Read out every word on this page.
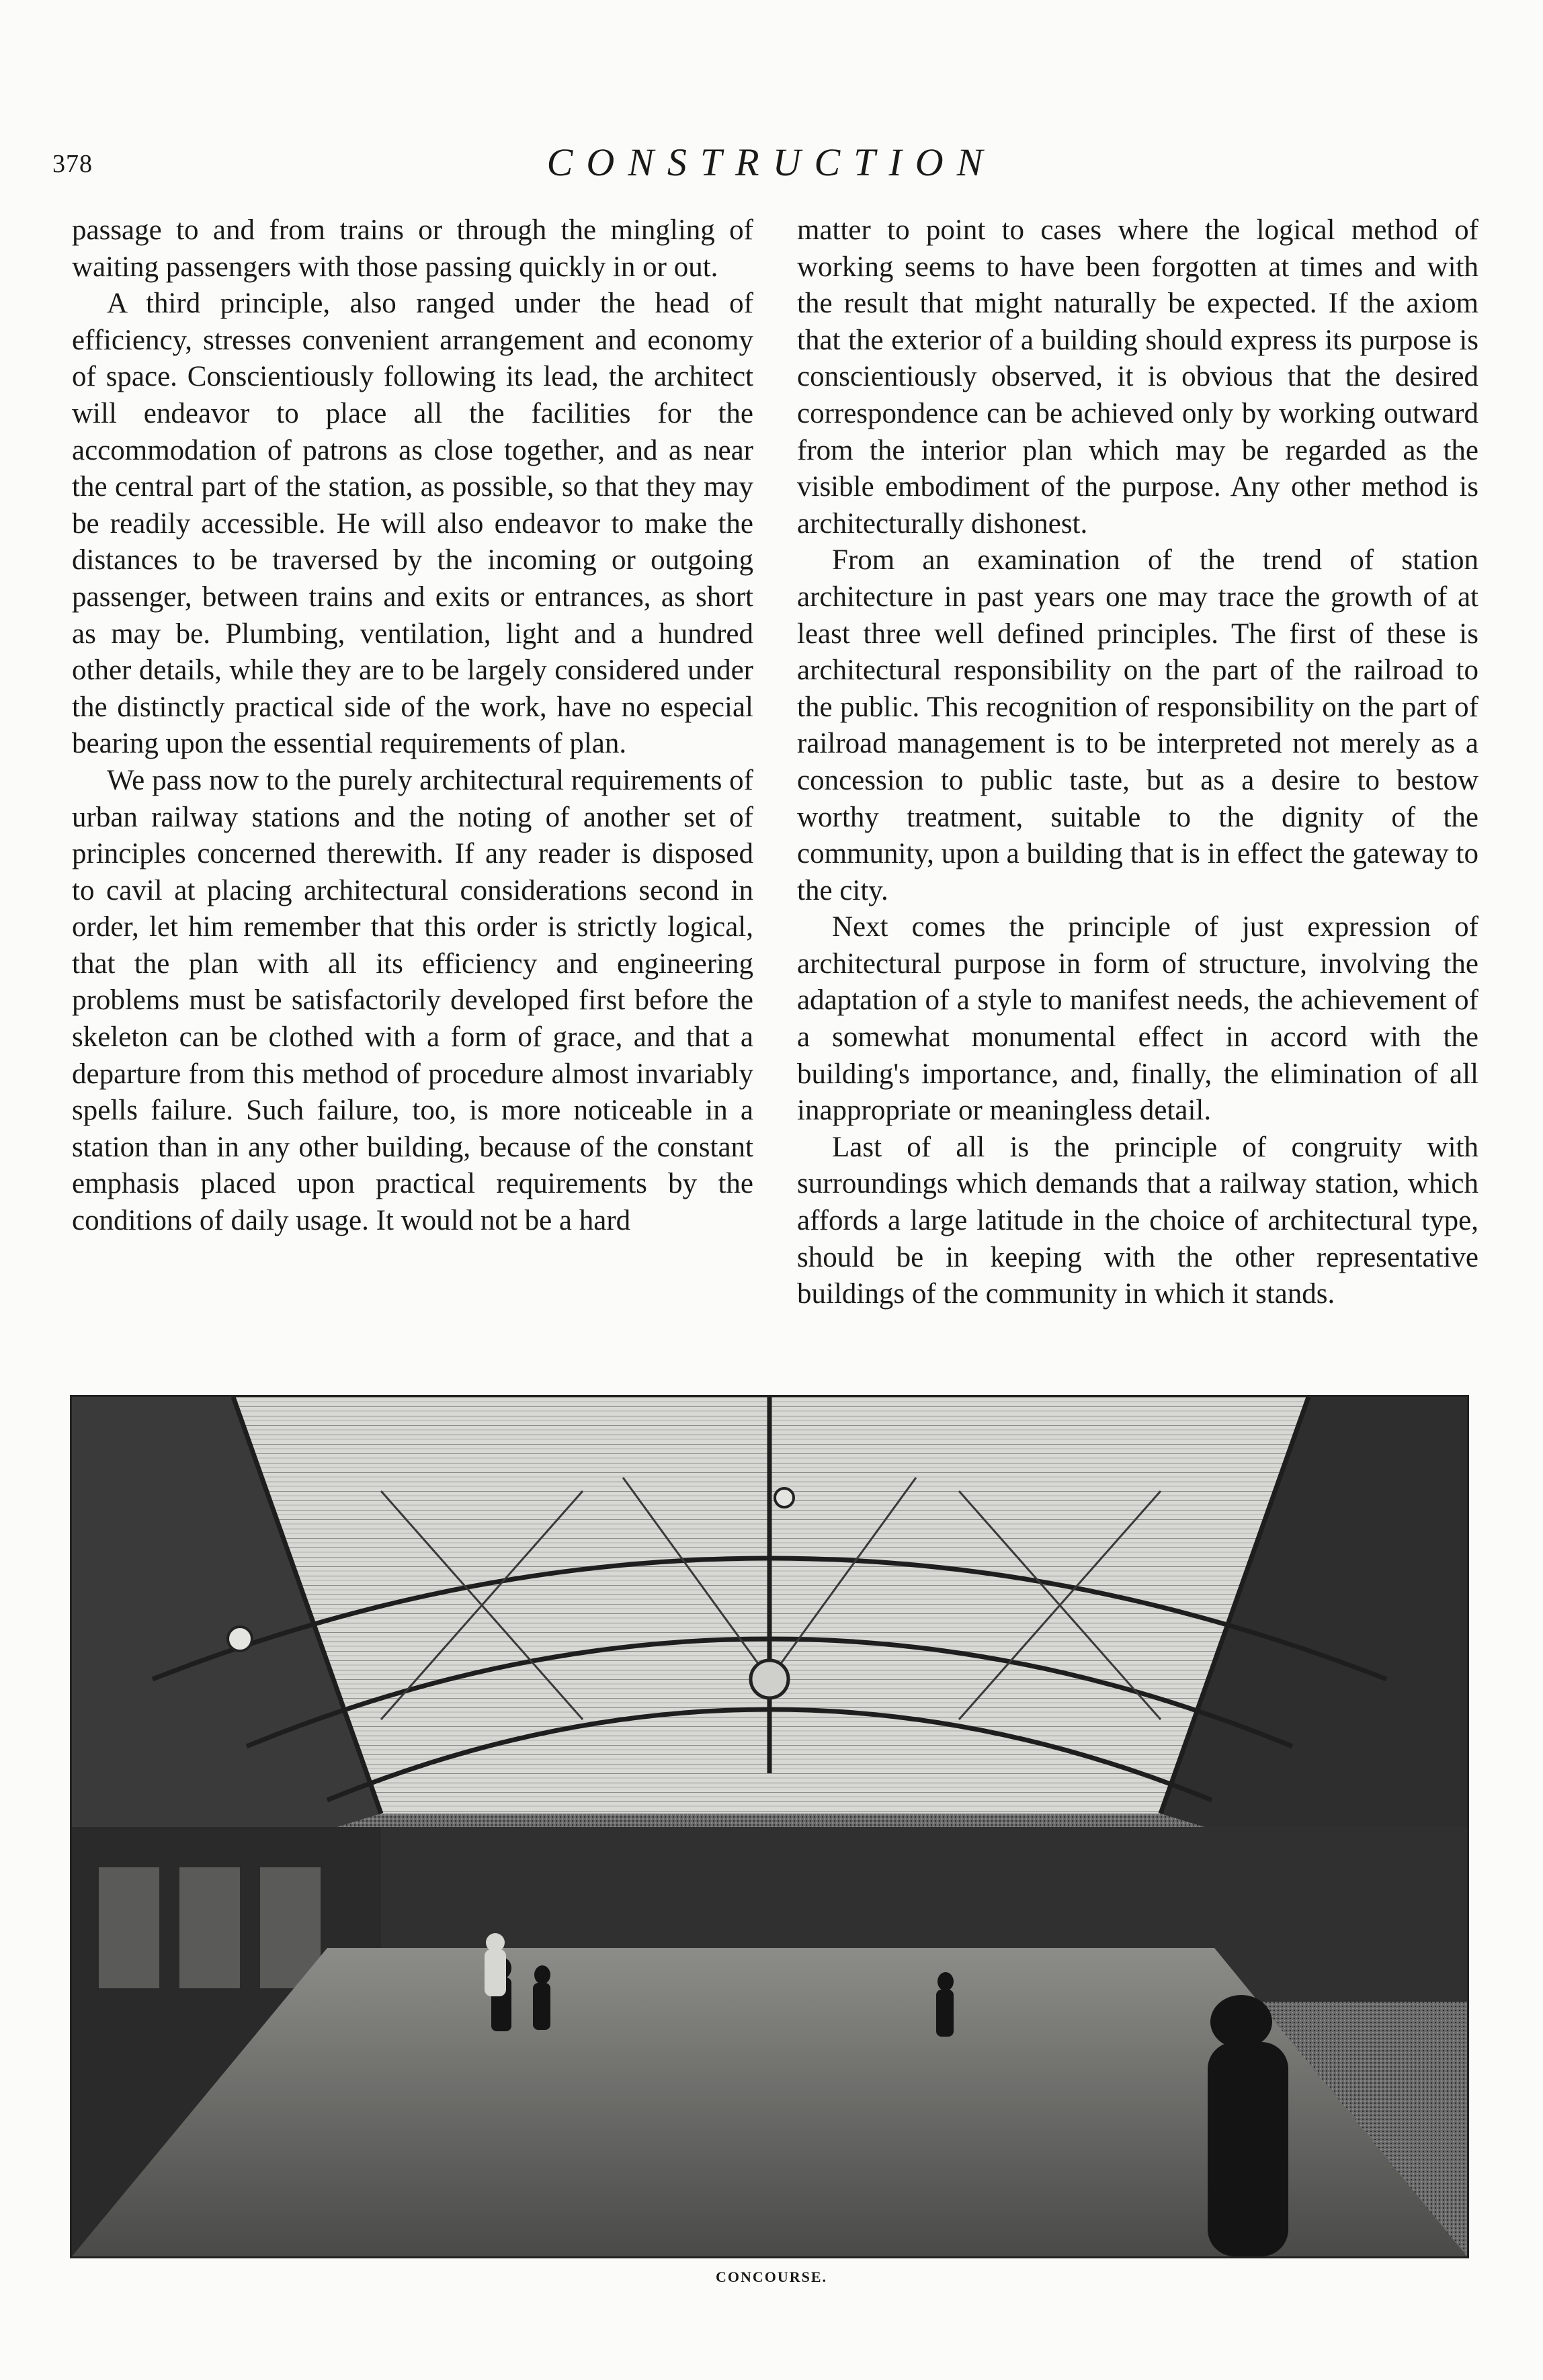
378	CONSTRUCTION

passage to and from trains or through the mingling of waiting passengers with those passing quickly in or out.

A third principle, also ranged under the head of efficiency, stresses convenient arrangement and economy of space. Conscientiously following its lead, the architect will endeavor to place all the facilities for the accommodation of patrons as close together, and as near the central part of the station, as possible, so that they may be readily accessible. He will also endeavor to make the distances to be traversed by the incoming or outgoing passenger, between trains and exits or entrances, as short as may be. Plumbing, ventilation, light and a hundred other details, while they are to be largely considered under the distinctly practical side of the work, have no especial bearing upon the essential requirements of plan.

We pass now to the purely architectural requirements of urban railway stations and the noting of another set of principles concerned therewith. If any reader is disposed to cavil at placing architectural considerations second in order, let him remember that this order is strictly logical, that the plan with all its efficiency and engineering problems must be satisfactorily developed first before the skeleton can be clothed with a form of grace, and that a departure from this method of procedure almost invariably spells failure. Such failure, too, is more noticeable in a station than in any other building, because of the constant emphasis placed upon practical requirements by the conditions of daily usage. It would not be a hard

matter to point to cases where the logical method of working seems to have been forgotten at times and with the result that might naturally be expected. If the axiom that the exterior of a building should express its purpose is conscientiously observed, it is obvious that the desired correspondence can be achieved only by working outward from the interior plan which may be regarded as the visible embodiment of the purpose. Any other method is architecturally dishonest.

From an examination of the trend of station architecture in past years one may trace the growth of at least three well defined principles. The first of these is architectural responsibility on the part of the railroad to the public. This recognition of responsibility on the part of railroad management is to be interpreted not merely as a concession to public taste, but as a desire to bestow worthy treatment, suitable to the dignity of the community, upon a building that is in effect the gateway to the city.

Next comes the principle of just expression of architectural purpose in form of structure, involving the adaptation of a style to manifest needs, the achievement of a somewhat monumental effect in accord with the building's importance, and, finally, the elimination of all inappropriate or meaningless detail.

Last of all is the principle of congruity with surroundings which demands that a railway station, which affords a large latitude in the choice of architectural type, should be in keeping with the other representative buildings of the community in which it stands.

CONCOURSE.
